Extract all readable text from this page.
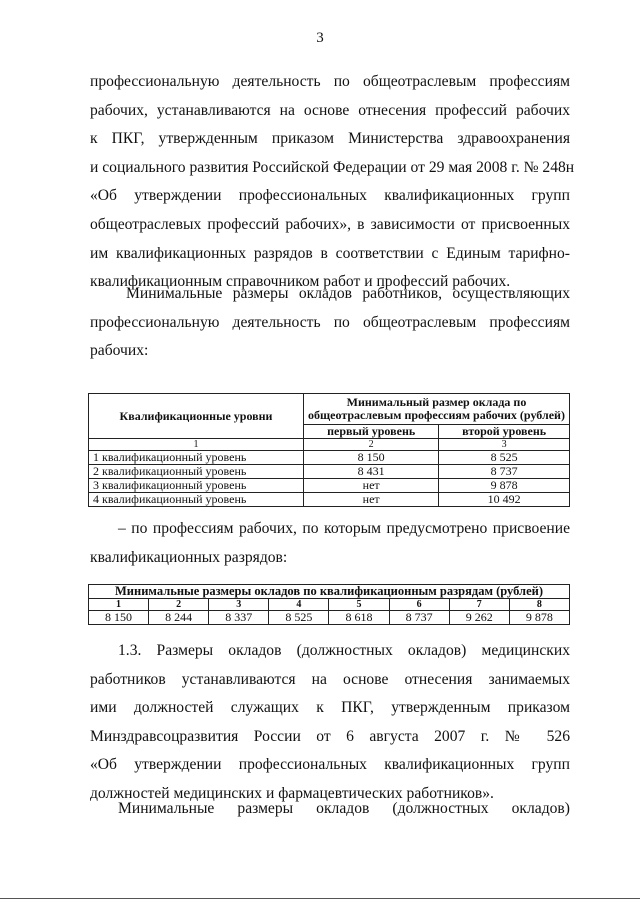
3
профессиональную деятельность по общеотраслевым профессиям
рабочих, устанавливаются на основе отнесения профессий рабочих
к ПКГ, утвержденным приказом Министерства здравоохранения
и социального развития Российской Федерации от 29 мая 2008 г. № 248н
«Об утверждении профессиональных квалификационных групп
общеотраслевых профессий рабочих», в зависимости от присвоенных
им квалификационных разрядов в соответствии с Единым тарифно-
квалификационным справочником работ и профессий рабочих.
Минимальные размеры окладов работников, осуществляющих
профессиональную деятельность по общеотраслевым профессиям
рабочих:
Квалификационные уровни	Минимальный размер оклада по общеотраслевым профессиям рабочих (рублей)	
	первый уровень	второй уровень
1	2	3
1 квалификационный уровень	8 150	8 525
2 квалификационный уровень	8 431	8 737
3 квалификационный уровень	нет	9 878
4 квалификационный уровень	нет	10 492
– по профессиям рабочих, по которым предусмотрено присвоение
квалификационных разрядов:
Минимальные размеры окладов по квалификационным разрядам (рублей)							
1	2	3	4	5	6	7	8
8 150	8 244	8 337	8 525	8 618	8 737	9 262	9 878
1.3. Размеры окладов (должностных окладов) медицинских
работников устанавливаются на основе отнесения занимаемых
ими должностей служащих к ПКГ, утвержденным приказом
Минздравсоцразвития России от 6 августа 2007 г. № 526
«Об утверждении профессиональных квалификационных групп
должностей медицинских и фармацевтических работников».
Минимальные размеры окладов (должностных окладов)
